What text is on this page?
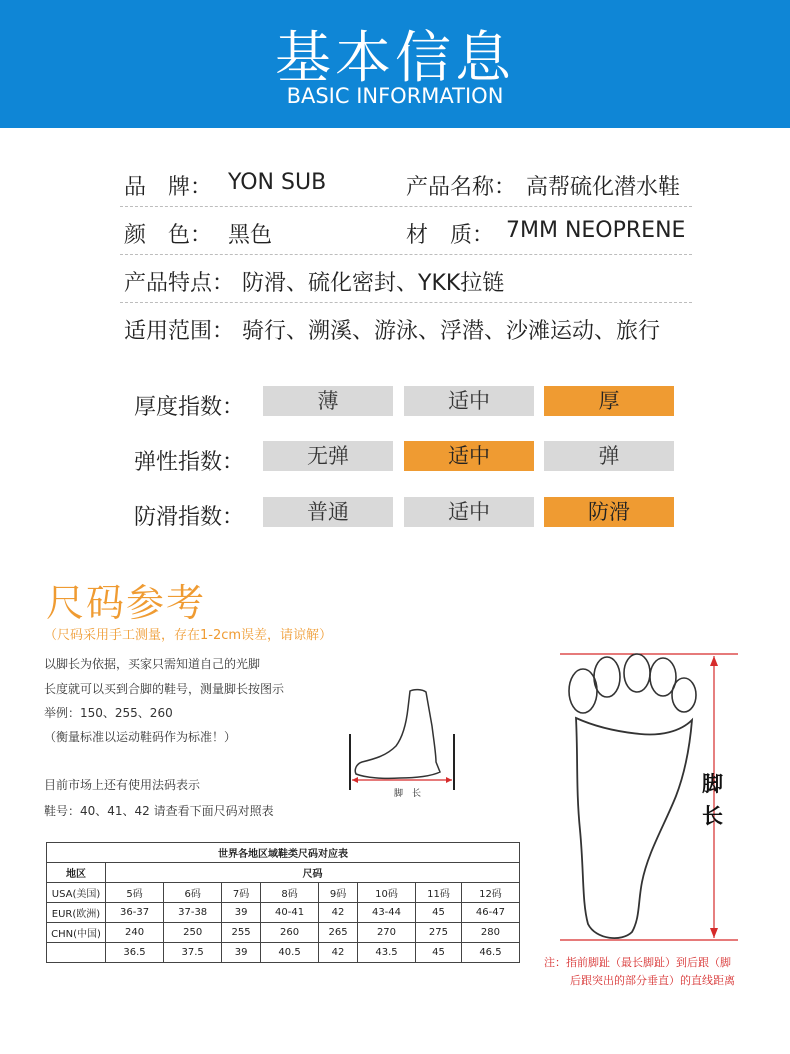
基本信息
BASIC INFORMATION
品　牌： YON SUB	产品名称： 高帮硫化潜水鞋
颜　色： 黑色	材　质： 7MM NEOPRENE
产品特点： 防滑、硫化密封、YKK拉链
适用范围： 骑行、溯溪、游泳、浮潜、沙滩运动、旅行
厚度指数：	薄	适中	厚
弹性指数：	无弹	适中	弹
防滑指数：	普通	适中	防滑
尺码参考
（尺码采用手工测量，存在1-2cm误差，请谅解）
以脚长为依据，买家只需知道自己的光脚
长度就可以买到合脚的鞋号，测量脚长按图示
举例：150、255、260
（衡量标准以运动鞋码作为标准！）
目前市场上还有使用法码表示
鞋号：40、41、42 请查看下面尺码对照表
脚　长	脚
长
注：指前脚趾（最长脚趾）到后跟（脚
后跟突出的部分垂直）的直线距离
世界各地区域鞋类尺码对应表								
地区	尺码							
USA(美国)	5码	6码	7码	8码	9码	10码	11码	12码
EUR(欧洲)	36-37	37-38	39	40-41	42	43-44	45	46-47
CHN(中国)	240	250	255	260	265	270	275	280
	36.5	37.5	39	40.5	42	43.5	45	46.5
